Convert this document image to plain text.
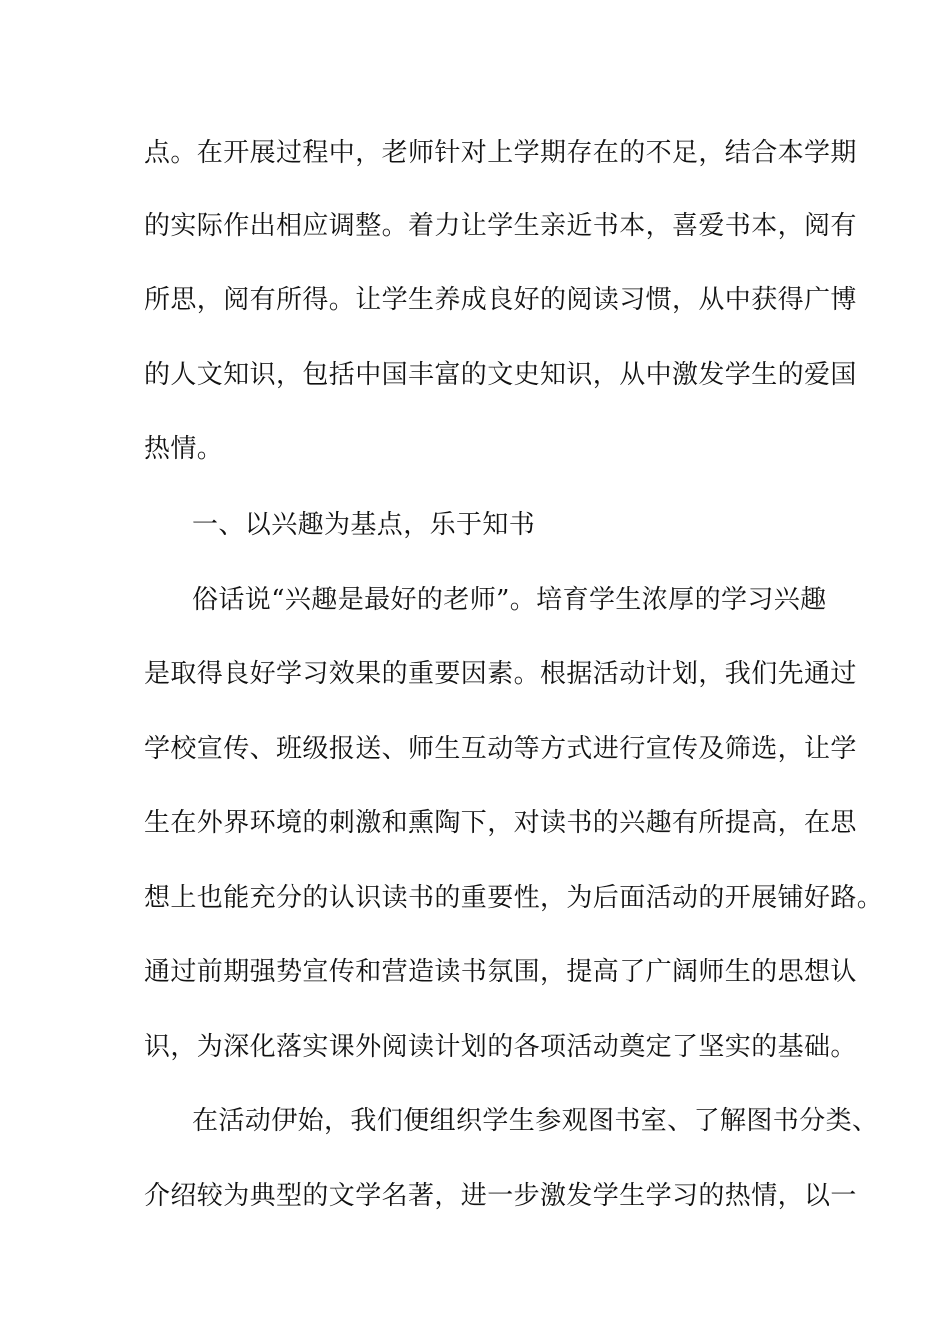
点。在开展过程中，老师针对上学期存在的不足，结合本学期
的实际作出相应调整。着力让学生亲近书本，喜爱书本，阅有
所思，阅有所得。让学生养成良好的阅读习惯，从中获得广博
的人文知识，包括中国丰富的文史知识，从中激发学生的爱国
热情。
一、以兴趣为基点，乐于知书
俗话说“兴趣是最好的老师”。培育学生浓厚的学习兴趣
是取得良好学习效果的重要因素。根据活动计划，我们先通过
学校宣传、班级报送、师生互动等方式进行宣传及筛选，让学
生在外界环境的刺激和熏陶下，对读书的兴趣有所提高，在思
想上也能充分的认识读书的重要性，为后面活动的开展铺好路。
通过前期强势宣传和营造读书氛围，提高了广阔师生的思想认
识，为深化落实课外阅读计划的各项活动奠定了坚实的基础。
在活动伊始，我们便组织学生参观图书室、了解图书分类、
介绍较为典型的文学名著，进一步激发学生学习的热情，以一
